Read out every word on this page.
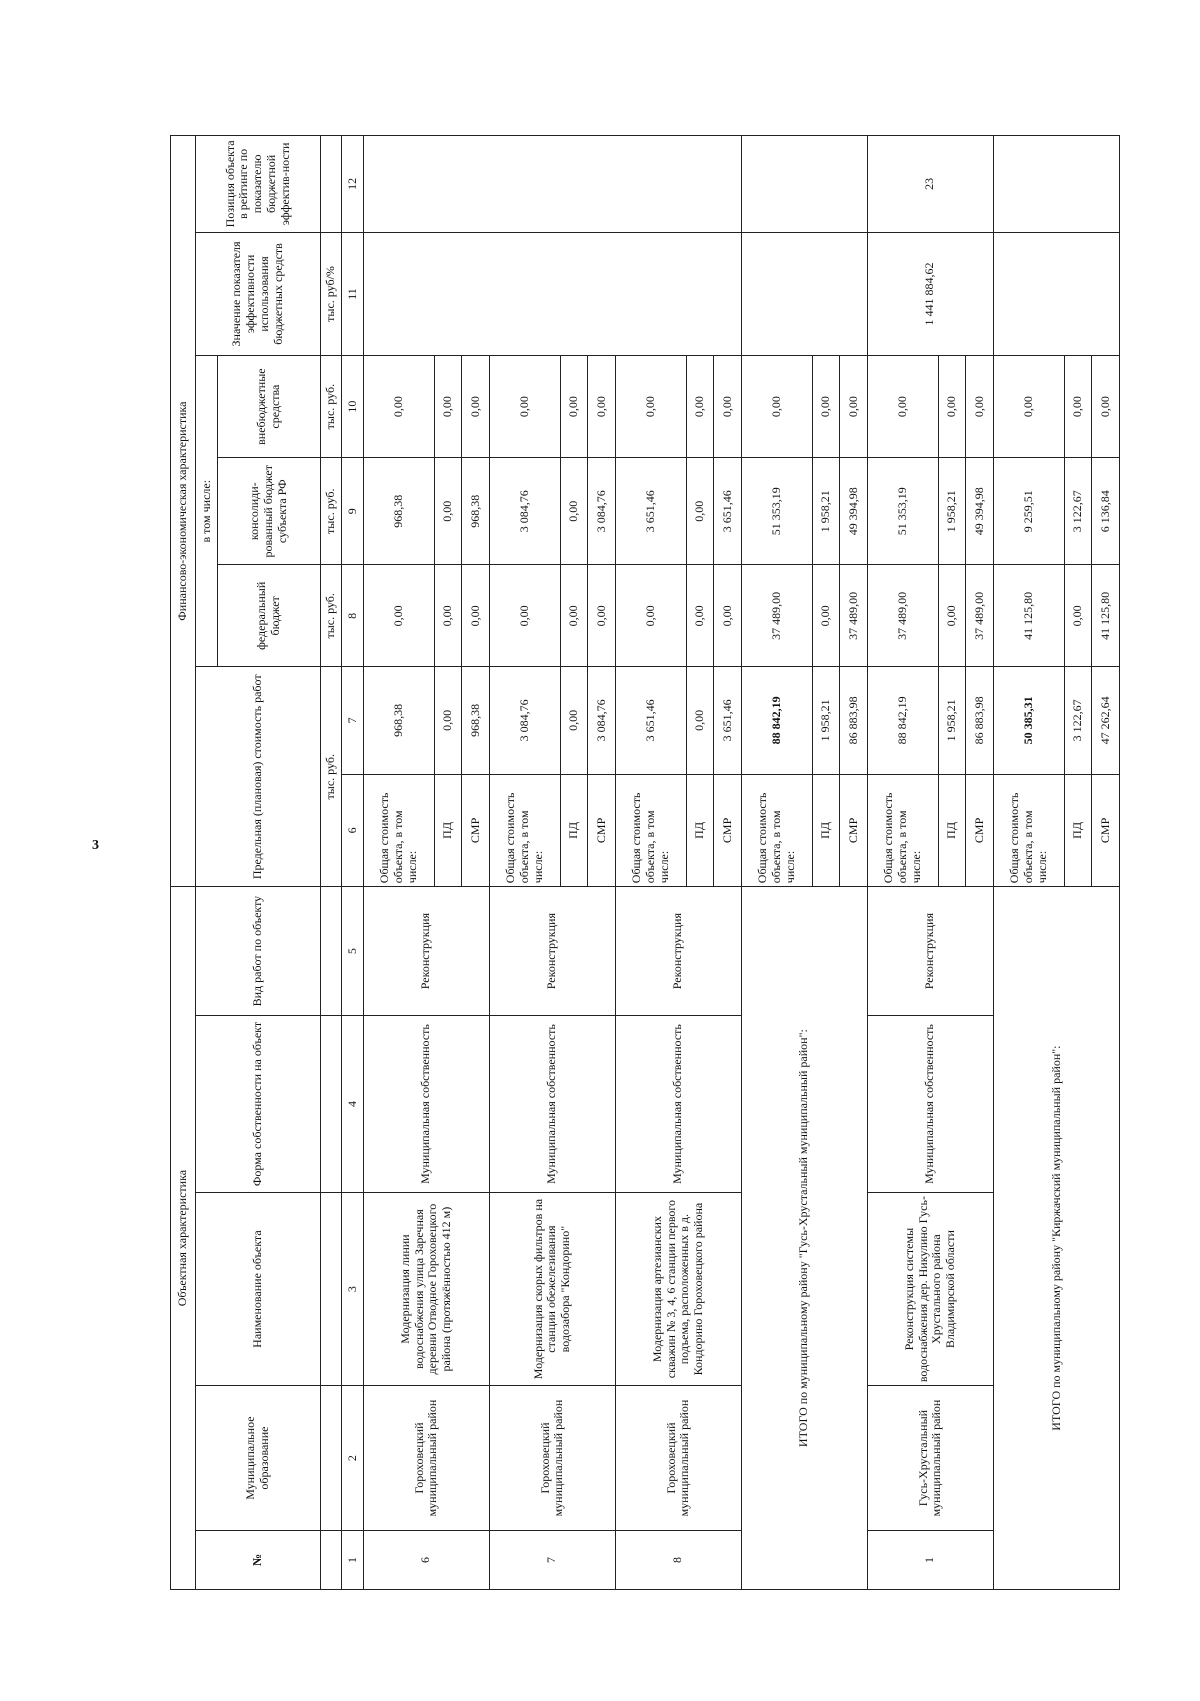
3
Объектная характеристика					Финансово-экономическая характеристика						
№	Муниципальное образование	Наименование объекта	Форма собственности на объект	Вид работ по объекту	Предельная (плановая) стоимость работ		в том числе:			Значение показателя эффективности использования бюджетных средств	Позиция объекта в рейтинге по показателю бюджетной эффектив-ности
							федеральный бюджет	консолиди-рованный бюджет субъекта РФ	внебюджетные средства		

					тыс. руб.		тыс. руб.	тыс. руб.	тыс. руб.	тыс. руб/%	
1	2	3	4	5	6	7	8	9	10	11	12
6	Гороховецкий муниципальный район	Модернизация линии водоснабжения улица Заречная деревни Отводное Гороховецкого района (протяжённостью 412 м)	Муниципальная собственность	Реконструкция	Общая стоимость объекта, в том числе:	968,38	0,00	968,38	0,00		
					ПД	0,00	0,00	0,00	0,00		
					СМР	968,38	0,00	968,38	0,00		
7	Гороховецкий муниципальный район	Модернизация скорых фильтров на станции обежелезивания водозабора "Кондорино"	Муниципальная собственность	Реконструкция	Общая стоимость объекта, в том числе:	3 084,76	0,00	3 084,76	0,00		
					ПД	0,00	0,00	0,00	0,00		
					СМР	3 084,76	0,00	3 084,76	0,00		
8	Гороховецкий муниципальный район	Модернизация артезианских скважин № 3, 4, 6 станции первого подъема, расположенных в д. Кондорино Гороховецкого района	Муниципальная собственность	Реконструкция	Общая стоимость объекта, в том числе:	3 651,46	0,00	3 651,46	0,00		
					ПД	0,00	0,00	0,00	0,00		
					СМР	3 651,46	0,00	3 651,46	0,00		
ИТОГО по муниципальному району "Гусь-Хрустальный муниципальный район":					Общая стоимость объекта, в том числе:	88 842,19	37 489,00	51 353,19	0,00		
					ПД	1 958,21	0,00	1 958,21	0,00		
					СМР	86 883,98	37 489,00	49 394,98	0,00		
1	Гусь-Хрустальный муниципальный район	Реконструкция системы водоснабжения дер. Никулино Гусь-Хрустального района Владимирской области	Муниципальная собственность	Реконструкция	Общая стоимость объекта, в том числе:	88 842,19	37 489,00	51 353,19	0,00	1 441 884,62	23
					ПД	1 958,21	0,00	1 958,21	0,00		
					СМР	86 883,98	37 489,00	49 394,98	0,00		
ИТОГО по муниципальному району "Киржачский муниципальный район":					Общая стоимость объекта, в том числе:	50 385,31	41 125,80	9 259,51	0,00		
					ПД	3 122,67	0,00	3 122,67	0,00		
					СМР	47 262,64	41 125,80	6 136,84	0,00		
